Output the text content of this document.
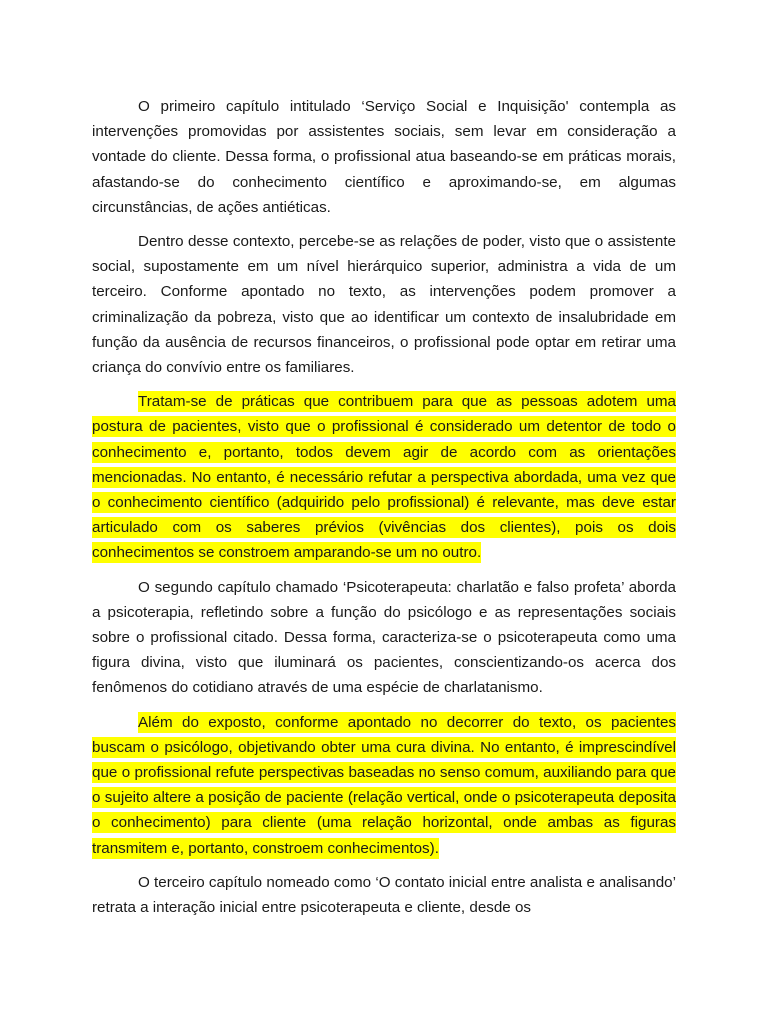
O primeiro capítulo intitulado ‘Serviço Social e Inquisição' contempla as intervenções promovidas por assistentes sociais, sem levar em consideração a vontade do cliente. Dessa forma, o profissional atua baseando-se em práticas morais, afastando-se do conhecimento científico e aproximando-se, em algumas circunstâncias, de ações antiéticas.

Dentro desse contexto, percebe-se as relações de poder, visto que o assistente social, supostamente em um nível hierárquico superior, administra a vida de um terceiro. Conforme apontado no texto, as intervenções podem promover a criminalização da pobreza, visto que ao identificar um contexto de insalubridade em função da ausência de recursos financeiros, o profissional pode optar em retirar uma criança do convívio entre os familiares.

Tratam-se de práticas que contribuem para que as pessoas adotem uma postura de pacientes, visto que o profissional é considerado um detentor de todo o conhecimento e, portanto, todos devem agir de acordo com as orientações mencionadas. No entanto, é necessário refutar a perspectiva abordada, uma vez que o conhecimento científico (adquirido pelo profissional) é relevante, mas deve estar articulado com os saberes prévios (vivências dos clientes), pois os dois conhecimentos se constroem amparando-se um no outro.

O segundo capítulo chamado ‘Psicoterapeuta: charlatão e falso profeta’ aborda a psicoterapia, refletindo sobre a função do psicólogo e as representações sociais sobre o profissional citado. Dessa forma, caracteriza-se o psicoterapeuta como uma figura divina, visto que iluminará os pacientes, conscientizando-os acerca dos fenômenos do cotidiano através de uma espécie de charlatanismo.

Além do exposto, conforme apontado no decorrer do texto, os pacientes buscam o psicólogo, objetivando obter uma cura divina. No entanto, é imprescindível que o profissional refute perspectivas baseadas no senso comum, auxiliando para que o sujeito altere a posição de paciente (relação vertical, onde o psicoterapeuta deposita o conhecimento) para cliente (uma relação horizontal, onde ambas as figuras transmitem e, portanto, constroem conhecimentos).

O terceiro capítulo nomeado como ‘O contato inicial entre analista e analisando’ retrata a interação inicial entre psicoterapeuta e cliente, desde os
